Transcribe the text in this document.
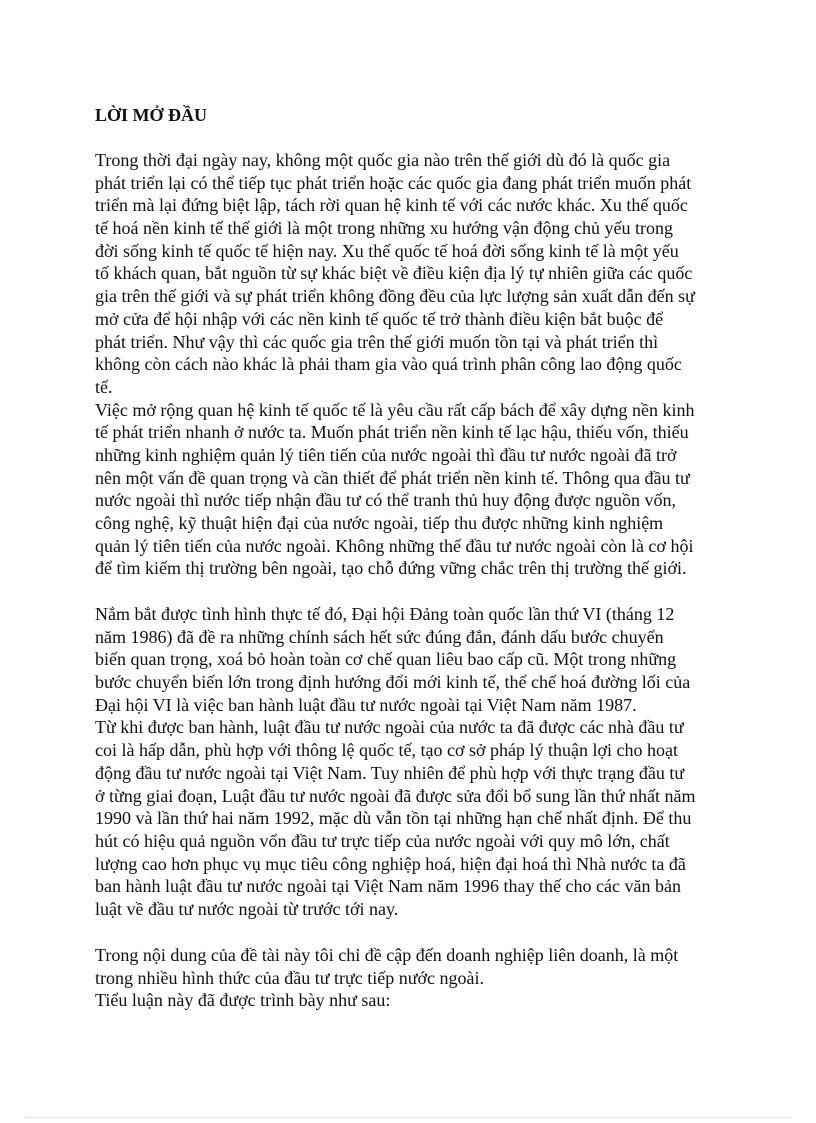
LỜI MỞ ĐẦU
Trong thời đại ngày nay, không một quốc gia nào trên thế giới dù đó là quốc gia
phát triển lại có thể tiếp tục phát triển hoặc các quốc gia đang phát triển muốn phát
triển mà lại đứng biệt lập, tách rời quan hệ kinh tế với các nước khác. Xu thế quốc
tế hoá nền kinh tế thế giới là một trong những xu hướng vận động chủ yếu trong
đời sống kinh tế quốc tế hiện nay. Xu thế quốc tế hoá đời sống kinh tế là một yếu
tố khách quan, bắt nguồn từ sự khác biệt về điều kiện địa lý tự nhiên giữa các quốc
gia trên thế giới và sự phát triển không đồng đều của lực lượng sản xuất dẫn đến sự
mở cửa để hội nhập với các nền kinh tế quốc tế trở thành điều kiện bắt buộc để
phát triển. Như vậy thì các quốc gia trên thế giới muốn tồn tại và phát triển thì
không còn cách nào khác là phải tham gia vào quá trình phân công lao động quốc
tế.
Việc mở rộng quan hệ kinh tế quốc tế là yêu cầu rất cấp bách để xây dựng nền kinh
tế phát triển nhanh ở nước ta. Muốn phát triển nền kinh tế lạc hậu, thiếu vốn, thiếu
những kinh nghiệm quản lý tiên tiến của nước ngoài thì đầu tư nước ngoài đã trở
nên một vấn đề quan trọng và cần thiết để phát triển nền kinh tế. Thông qua đầu tư
nước ngoài thì nước tiếp nhận đầu tư có thể tranh thủ huy động được nguồn vốn,
công nghệ, kỹ thuật hiện đại của nước ngoài, tiếp thu được những kinh nghiệm
quản lý tiên tiến của nước ngoài. Không những thế đầu tư nước ngoài còn là cơ hội
để tìm kiếm thị trường bên ngoài, tạo chỗ đứng vững chắc trên thị trường thế giới.
Nắm bắt được tình hình thực tế đó, Đại hội Đảng toàn quốc lần thứ VI (tháng 12
năm 1986) đã đề ra những chính sách hết sức đúng đắn, đánh dấu bước chuyển
biến quan trọng, xoá bỏ hoàn toàn cơ chế quan liêu bao cấp cũ. Một trong những
bước chuyển biến lớn trong định hướng đổi mới kinh tế, thể chế hoá đường lối của
Đại hội VI là việc ban hành luật đầu tư nước ngoài tại Việt Nam năm 1987.
Từ khi được ban hành, luật đầu tư nước ngoài của nước ta đã được các nhà đầu tư
coi là hấp dẫn, phù hợp với thông lệ quốc tế, tạo cơ sở pháp lý thuận lợi cho hoạt
động đầu tư nước ngoài tại Việt Nam. Tuy nhiên để phù hợp với thực trạng đầu tư
ở từng giai đoạn, Luật đầu tư nước ngoài đã được sửa đổi bổ sung lần thứ nhất năm
1990 và lần thứ hai năm 1992, mặc dù vẫn tồn tại những hạn chế nhất định. Để thu
hút có hiệu quả nguồn vốn đầu tư trực tiếp của nước ngoài với quy mô lớn, chất
lượng cao hơn phục vụ mục tiêu công nghiệp hoá, hiện đại hoá thì Nhà nước ta đã
ban hành luật đầu tư nước ngoài tại Việt Nam năm 1996 thay thế cho các văn bản
luật về đầu tư nước ngoài từ trước tới nay.
Trong nội dung của đề tài này tôi chỉ đề cập đến doanh nghiệp liên doanh, là một
trong nhiều hình thức của đầu tư trực tiếp nước ngoài.
Tiểu luận này đã được trình bày như sau:
